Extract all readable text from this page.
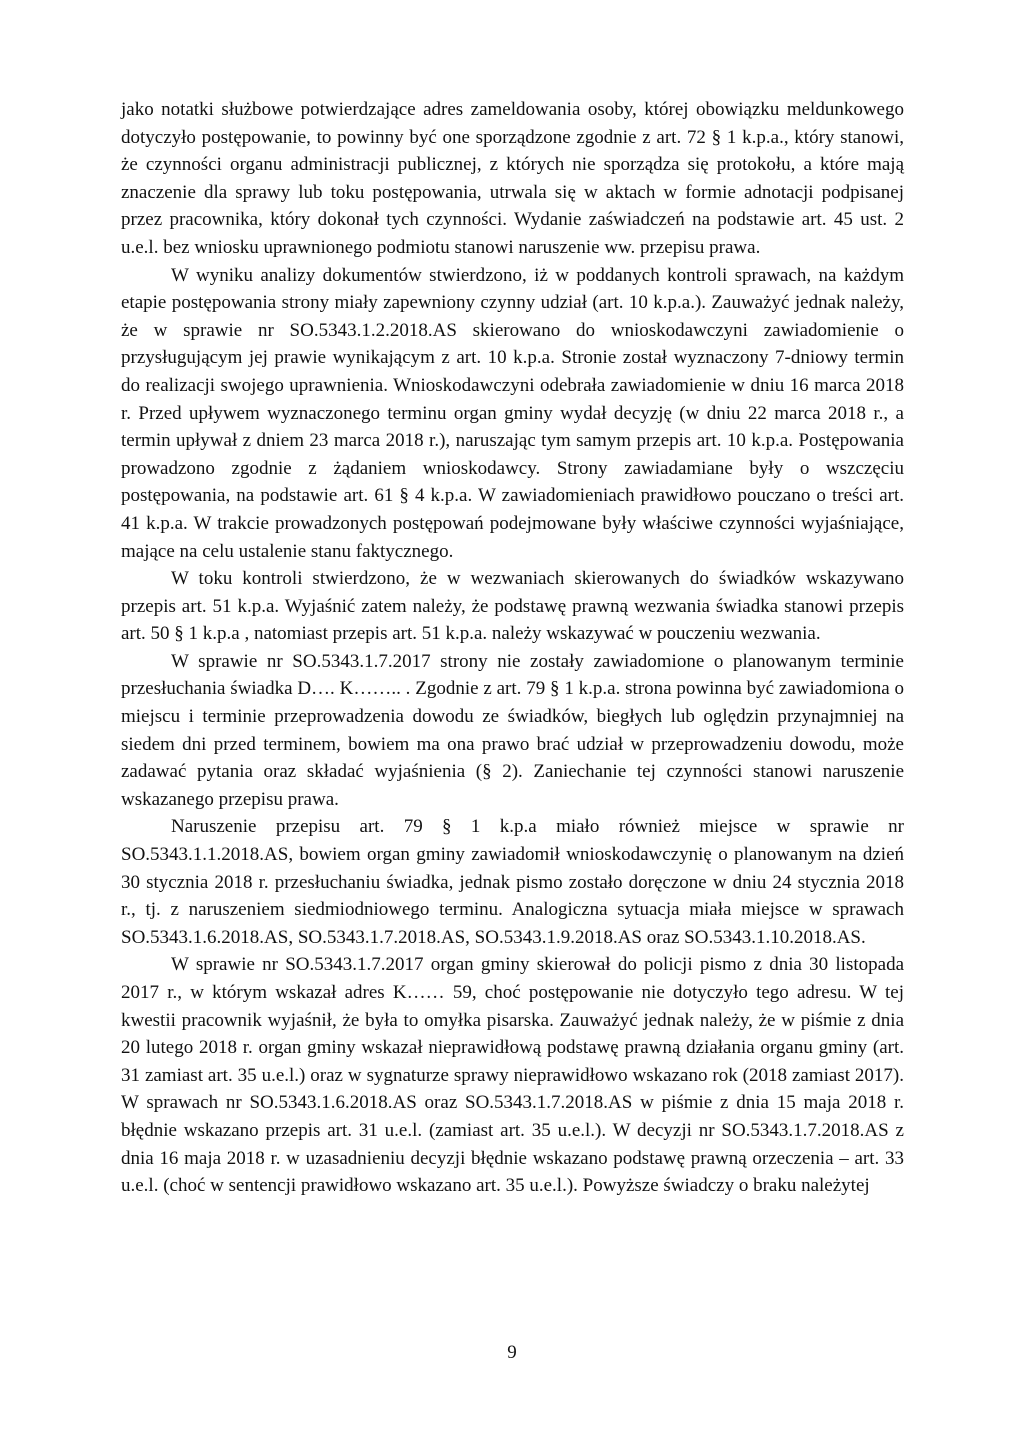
jako notatki służbowe potwierdzające adres zameldowania osoby, której obowiązku meldunkowego dotyczyło postępowanie, to powinny być one sporządzone zgodnie z art. 72 § 1 k.p.a., który stanowi, że czynności organu administracji publicznej, z których nie sporządza się protokołu, a które mają znaczenie dla sprawy lub toku postępowania, utrwala się w aktach w formie adnotacji podpisanej przez pracownika, który dokonał tych czynności. Wydanie zaświadczeń na podstawie art. 45 ust. 2 u.e.l. bez wniosku uprawnionego podmiotu stanowi naruszenie ww. przepisu prawa.

W wyniku analizy dokumentów stwierdzono, iż w poddanych kontroli sprawach, na każdym etapie postępowania strony miały zapewniony czynny udział (art. 10 k.p.a.). Zauważyć jednak należy, że w sprawie nr SO.5343.1.2.2018.AS skierowano do wnioskodawczyni zawiadomienie o przysługującym jej prawie wynikającym z art. 10 k.p.a. Stronie został wyznaczony 7-dniowy termin do realizacji swojego uprawnienia. Wnioskodawczyni odebrała zawiadomienie w dniu 16 marca 2018 r. Przed upływem wyznaczonego terminu organ gminy wydał decyzję (w dniu 22 marca 2018 r., a termin upływał z dniem 23 marca 2018 r.), naruszając tym samym przepis art. 10 k.p.a. Postępowania prowadzono zgodnie z żądaniem wnioskodawcy. Strony zawiadamiane były o wszczęciu postępowania, na podstawie art. 61 § 4 k.p.a. W zawiadomieniach prawidłowo pouczano o treści art. 41 k.p.a. W trakcie prowadzonych postępowań podejmowane były właściwe czynności wyjaśniające, mające na celu ustalenie stanu faktycznego.

W toku kontroli stwierdzono, że w wezwaniach skierowanych do świadków wskazywano przepis art. 51 k.p.a. Wyjaśnić zatem należy, że podstawę prawną wezwania świadka stanowi przepis art. 50 § 1 k.p.a , natomiast przepis art. 51 k.p.a. należy wskazywać w pouczeniu wezwania.

W sprawie nr SO.5343.1.7.2017 strony nie zostały zawiadomione o planowanym terminie przesłuchania świadka D…. K…….. . Zgodnie z art. 79 § 1 k.p.a. strona powinna być zawiadomiona o miejscu i terminie przeprowadzenia dowodu ze świadków, biegłych lub oględzin przynajmniej na siedem dni przed terminem, bowiem ma ona prawo brać udział w przeprowadzeniu dowodu, może zadawać pytania oraz składać wyjaśnienia (§ 2). Zaniechanie tej czynności stanowi naruszenie wskazanego przepisu prawa.

Naruszenie przepisu art. 79 § 1 k.p.a miało również miejsce w sprawie nr SO.5343.1.1.2018.AS, bowiem organ gminy zawiadomił wnioskodawczynię o planowanym na dzień 30 stycznia 2018 r. przesłuchaniu świadka, jednak pismo zostało doręczone w dniu 24 stycznia 2018 r., tj. z naruszeniem siedmiodniowego terminu. Analogiczna sytuacja miała miejsce w sprawach SO.5343.1.6.2018.AS, SO.5343.1.7.2018.AS, SO.5343.1.9.2018.AS oraz SO.5343.1.10.2018.AS.

W sprawie nr SO.5343.1.7.2017 organ gminy skierował do policji pismo z dnia 30 listopada 2017 r., w którym wskazał adres K…… 59, choć postępowanie nie dotyczyło tego adresu. W tej kwestii pracownik wyjaśnił, że była to omyłka pisarska. Zauważyć jednak należy, że w piśmie z dnia 20 lutego 2018 r. organ gminy wskazał nieprawidłową podstawę prawną działania organu gminy (art. 31 zamiast art. 35 u.e.l.) oraz w sygnaturze sprawy nieprawidłowo wskazano rok (2018 zamiast 2017). W sprawach nr SO.5343.1.6.2018.AS oraz SO.5343.1.7.2018.AS w piśmie z dnia 15 maja 2018 r. błędnie wskazano przepis art. 31 u.e.l. (zamiast art. 35 u.e.l.). W decyzji nr SO.5343.1.7.2018.AS z dnia 16 maja 2018 r. w uzasadnieniu decyzji błędnie wskazano podstawę prawną orzeczenia – art. 33 u.e.l. (choć w sentencji prawidłowo wskazano art. 35 u.e.l.). Powyższe świadczy o braku należytej

9
